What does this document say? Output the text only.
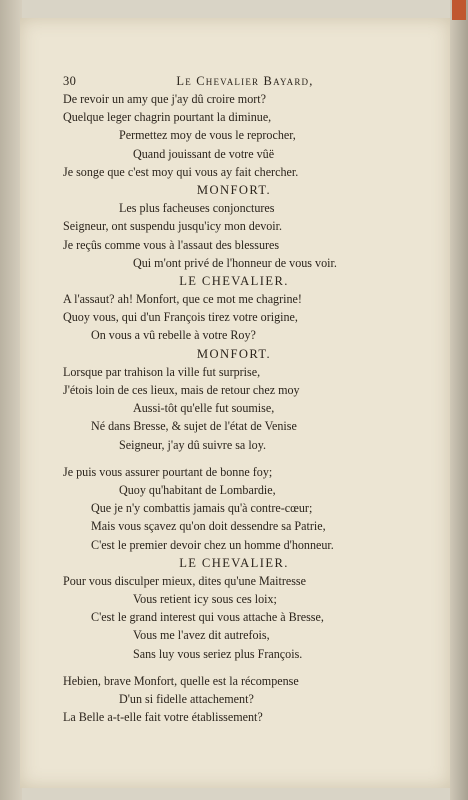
30	Le Chevalier Bayard,
De revoir un amy que j'ay dû croire mort?
Quelque leger chagrin pourtant la diminue,
Permettez moy de vous le reprocher,
Quand jouissant de votre vûë
Je songe que c'est moy qui vous ay fait chercher.
MONFORT.
Les plus facheuses conjonctures
Seigneur, ont suspendu jusqu'icy mon devoir.
Je reçûs comme vous à l'assaut des blessures
Qui m'ont privé de l'honneur de vous voir.
LE CHEVALIER.
A l'assaut? ah! Monfort, que ce mot me chagrine!
Quoy vous, qui d'un François tirez votre origine,
On vous a vû rebelle à votre Roy?
MONFORT.
Lorsque par trahison la ville fut surprise,
J'étois loin de ces lieux, mais de retour chez moy
Aussi-tôt qu'elle fut soumise,
Né dans Bresse, & sujet de l'état de Venise
Seigneur, j'ay dû suivre sa loy.
Je puis vous assurer pourtant de bonne foy;
Quoy qu'habitant de Lombardie,
Que je n'y combattis jamais qu'à contre-cœur;
Mais vous sçavez qu'on doit dessendre sa Patrie,
C'est le premier devoir chez un homme d'honneur.
LE CHEVALIER.
Pour vous disculper mieux, dites qu'une Maitresse
Vous retient icy sous ces loix;
C'est le grand interest qui vous attache à Bresse,
Vous me l'avez dit autrefois,
Sans luy vous seriez plus François.
Hebien, brave Monfort, quelle est la récompense
D'un si fidelle attachement?
La Belle a-t-elle fait votre établissement?
